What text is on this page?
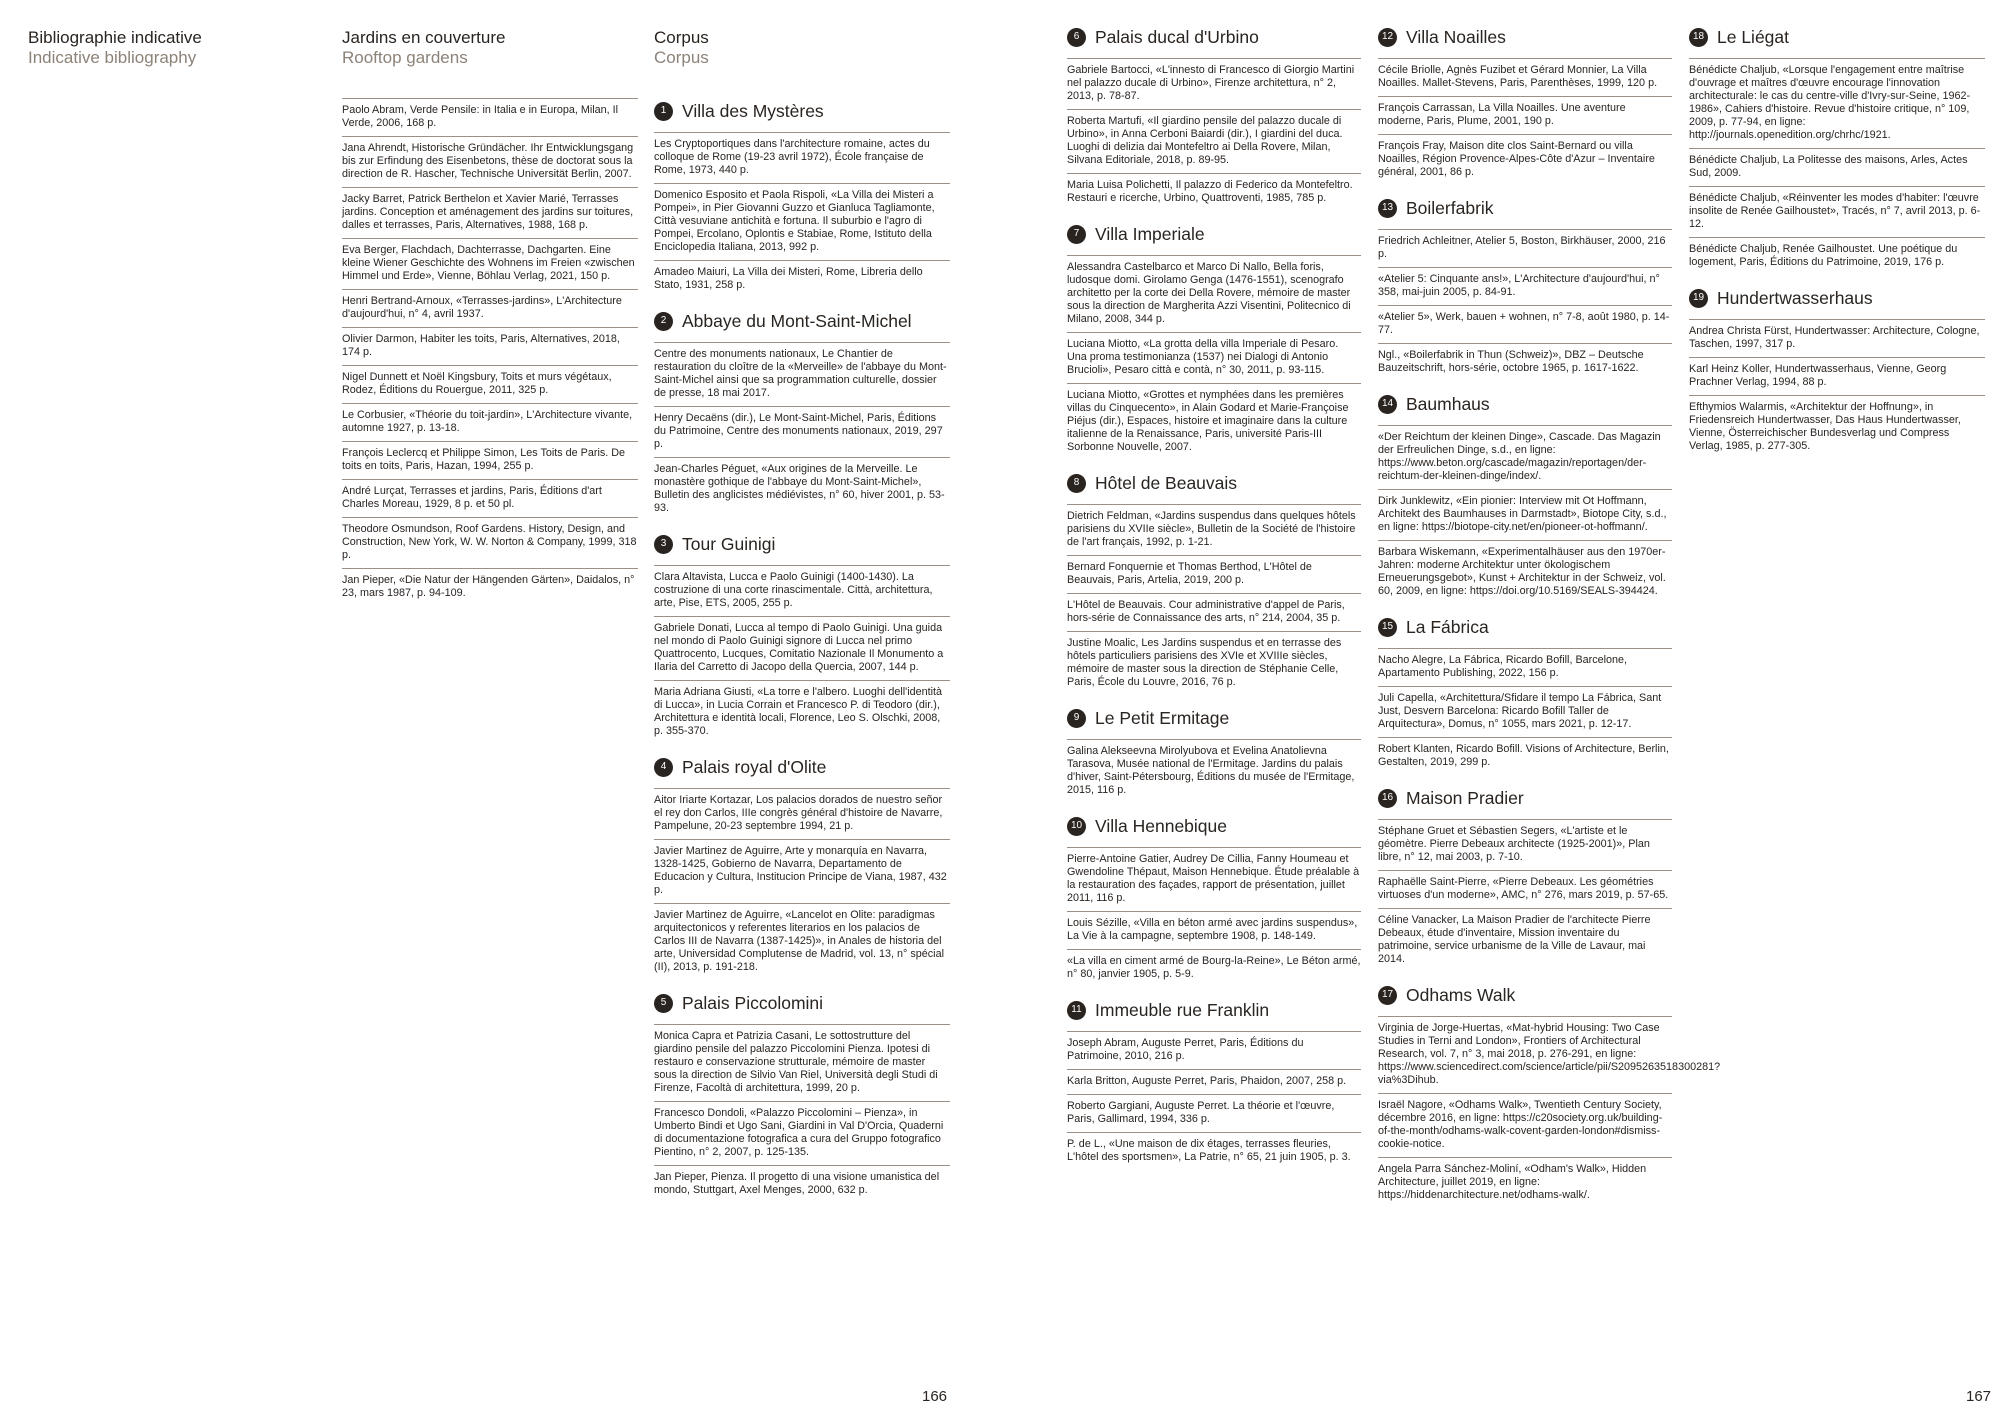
Bibliographie indicative
Indicative bibliography
Jardins en couverture
Rooftop gardens
Paolo Abram, Verde Pensile: in Italia e in Europa, Milan, Il Verde, 2006, 168 p.
Jana Ahrendt, Historische Gründächer. Ihr Entwicklungsgang bis zur Erfindung des Eisenbetons, thèse de doctorat sous la direction de R. Hascher, Technische Universität Berlin, 2007.
Jacky Barret, Patrick Berthelon et Xavier Marié, Terrasses jardins. Conception et aménagement des jardins sur toitures, dalles et terrasses, Paris, Alternatives, 1988, 168 p.
Eva Berger, Flachdach, Dachterrasse, Dachgarten. Eine kleine Wiener Geschichte des Wohnens im Freien «zwischen Himmel und Erde», Vienne, Böhlau Verlag, 2021, 150 p.
Henri Bertrand-Arnoux, «Terrasses-jardins», L'Architecture d'aujourd'hui, n° 4, avril 1937.
Olivier Darmon, Habiter les toits, Paris, Alternatives, 2018, 174 p.
Nigel Dunnett et Noël Kingsbury, Toits et murs végétaux, Rodez, Éditions du Rouergue, 2011, 325 p.
Le Corbusier, «Théorie du toit-jardin», L'Architecture vivante, automne 1927, p. 13-18.
François Leclercq et Philippe Simon, Les Toits de Paris. De toits en toits, Paris, Hazan, 1994, 255 p.
André Lurçat, Terrasses et jardins, Paris, Éditions d'art Charles Moreau, 1929, 8 p. et 50 pl.
Theodore Osmundson, Roof Gardens. History, Design, and Construction, New York, W. W. Norton & Company, 1999, 318 p.
Jan Pieper, «Die Natur der Hängenden Gärten», Daidalos, n° 23, mars 1987, p. 94-109.
Corpus
Corpus
1 Villa des Mystères
Les Cryptoportiques dans l'architecture romaine, actes du colloque de Rome (19-23 avril 1972), École française de Rome, 1973, 440 p.
Domenico Esposito et Paola Rispoli, «La Villa dei Misteri a Pompei», in Pier Giovanni Guzzo et Gianluca Tagliamonte, Città vesuviane antichità e fortuna. Il suburbio e l'agro di Pompei, Ercolano, Oplontis e Stabiae, Rome, Istituto della Enciclopedia Italiana, 2013, 992 p.
Amadeo Maiuri, La Villa dei Misteri, Rome, Libreria dello Stato, 1931, 258 p.
2 Abbaye du Mont-Saint-Michel
Centre des monuments nationaux, Le Chantier de restauration du cloître de la «Merveille» de l'abbaye du Mont-Saint-Michel ainsi que sa programmation culturelle, dossier de presse, 18 mai 2017.
Henry Decaëns (dir.), Le Mont-Saint-Michel, Paris, Éditions du Patrimoine, Centre des monuments nationaux, 2019, 297 p.
Jean-Charles Péguet, «Aux origines de la Merveille. Le monastère gothique de l'abbaye du Mont-Saint-Michel», Bulletin des anglicistes médiévistes, n° 60, hiver 2001, p. 53-93.
3 Tour Guinigi
Clara Altavista, Lucca e Paolo Guinigi (1400-1430). La costruzione di una corte rinascimentale. Città, architettura, arte, Pise, ETS, 2005, 255 p.
Gabriele Donati, Lucca al tempo di Paolo Guinigi. Una guida nel mondo di Paolo Guinigi signore di Lucca nel primo Quattrocento, Lucques, Comitatio Nazionale Il Monumento a Ilaria del Carretto di Jacopo della Quercia, 2007, 144 p.
Maria Adriana Giusti, «La torre e l'albero. Luoghi dell'identità di Lucca», in Lucia Corrain et Francesco P. di Teodoro (dir.), Architettura e identità locali, Florence, Leo S. Olschki, 2008, p. 355-370.
4 Palais royal d'Olite
Aitor Iriarte Kortazar, Los palacios dorados de nuestro señor el rey don Carlos, IIIe congrès général d'histoire de Navarre, Pampelune, 20-23 septembre 1994, 21 p.
Javier Martinez de Aguirre, Arte y monarquía en Navarra, 1328-1425, Gobierno de Navarra, Departamento de Educacion y Cultura, Institucion Principe de Viana, 1987, 432 p.
Javier Martinez de Aguirre, «Lancelot en Olite: paradigmas arquitectonicos y referentes literarios en los palacios de Carlos III de Navarra (1387-1425)», in Anales de historia del arte, Universidad Complutense de Madrid, vol. 13, n° spécial (II), 2013, p. 191-218.
5 Palais Piccolomini
Monica Capra et Patrizia Casani, Le sottostrutture del giardino pensile del palazzo Piccolomini Pienza. Ipotesi di restauro e conservazione strutturale, mémoire de master sous la direction de Silvio Van Riel, Università degli Studi di Firenze, Facoltà di architettura, 1999, 20 p.
Francesco Dondoli, «Palazzo Piccolomini – Pienza», in Umberto Bindi et Ugo Sani, Giardini in Val D'Orcia, Quaderni di documentazione fotografica a cura del Gruppo fotografico Pientino, n° 2, 2007, p. 125-135.
Jan Pieper, Pienza. Il progetto di una visione umanistica del mondo, Stuttgart, Axel Menges, 2000, 632 p.
166
6 Palais ducal d'Urbino
Gabriele Bartocci, «L'innesto di Francesco di Giorgio Martini nel palazzo ducale di Urbino», Firenze architettura, n° 2, 2013, p. 78-87.
Roberta Martufi, «Il giardino pensile del palazzo ducale di Urbino», in Anna Cerboni Baiardi (dir.), I giardini del duca. Luoghi di delizia dai Montefeltro ai Della Rovere, Milan, Silvana Editoriale, 2018, p. 89-95.
Maria Luisa Polichetti, Il palazzo di Federico da Montefeltro. Restauri e ricerche, Urbino, Quattroventi, 1985, 785 p.
7 Villa Imperiale
Alessandra Castelbarco et Marco Di Nallo, Bella foris, ludosque domi. Girolamo Genga (1476-1551), scenografo architetto per la corte dei Della Rovere, mémoire de master sous la direction de Margherita Azzi Visentini, Politecnico di Milano, 2008, 344 p.
Luciana Miotto, «La grotta della villa Imperiale di Pesaro. Una proma testimonianza (1537) nei Dialogi di Antonio Brucioli», Pesaro città e contà, n° 30, 2011, p. 93-115.
Luciana Miotto, «Grottes et nymphées dans les premières villas du Cinquecento», in Alain Godard et Marie-Françoise Piéjus (dir.), Espaces, histoire et imaginaire dans la culture italienne de la Renaissance, Paris, université Paris-III Sorbonne Nouvelle, 2007.
8 Hôtel de Beauvais
Dietrich Feldman, «Jardins suspendus dans quelques hôtels parisiens du XVIIe siècle», Bulletin de la Société de l'histoire de l'art français, 1992, p. 1-21.
Bernard Fonquernie et Thomas Berthod, L'Hôtel de Beauvais, Paris, Artelia, 2019, 200 p.
L'Hôtel de Beauvais. Cour administrative d'appel de Paris, hors-série de Connaissance des arts, n° 214, 2004, 35 p.
Justine Moalic, Les Jardins suspendus et en terrasse des hôtels particuliers parisiens des XVIe et XVIIIe siècles, mémoire de master sous la direction de Stéphanie Celle, Paris, École du Louvre, 2016, 76 p.
9 Le Petit Ermitage
Galina Alekseevna Mirolyubova et Evelina Anatolievna Tarasova, Musée national de l'Ermitage. Jardins du palais d'hiver, Saint-Pétersbourg, Éditions du musée de l'Ermitage, 2015, 116 p.
10 Villa Hennebique
Pierre-Antoine Gatier, Audrey De Cillia, Fanny Houmeau et Gwendoline Thépaut, Maison Hennebique. Étude préalable à la restauration des façades, rapport de présentation, juillet 2011, 116 p.
Louis Sézille, «Villa en béton armé avec jardins suspendus», La Vie à la campagne, septembre 1908, p. 148-149.
«La villa en ciment armé de Bourg-la-Reine», Le Béton armé, n° 80, janvier 1905, p. 5-9.
11 Immeuble rue Franklin
Joseph Abram, Auguste Perret, Paris, Éditions du Patrimoine, 2010, 216 p.
Karla Britton, Auguste Perret, Paris, Phaidon, 2007, 258 p.
Roberto Gargiani, Auguste Perret. La théorie et l'œuvre, Paris, Gallimard, 1994, 336 p.
P. de L., «Une maison de dix étages, terrasses fleuries, L'hôtel des sportsmen», La Patrie, n° 65, 21 juin 1905, p. 3.
12 Villa Noailles
Cécile Briolle, Agnès Fuzibet et Gérard Monnier, La Villa Noailles. Mallet-Stevens, Paris, Parenthèses, 1999, 120 p.
François Carrassan, La Villa Noailles. Une aventure moderne, Paris, Plume, 2001, 190 p.
François Fray, Maison dite clos Saint-Bernard ou villa Noailles, Région Provence-Alpes-Côte d'Azur – Inventaire général, 2001, 86 p.
13 Boilerfabrik
Friedrich Achleitner, Atelier 5, Boston, Birkhäuser, 2000, 216 p.
«Atelier 5: Cinquante ans!», L'Architecture d'aujourd'hui, n° 358, mai-juin 2005, p. 84-91.
«Atelier 5», Werk, bauen + wohnen, n° 7-8, août 1980, p. 14-77.
Ngl., «Boilerfabrik in Thun (Schweiz)», DBZ – Deutsche Bauzeitschrift, hors-série, octobre 1965, p. 1617-1622.
14 Baumhaus
«Der Reichtum der kleinen Dinge», Cascade. Das Magazin der Erfreulichen Dinge, s.d., en ligne: https://www.beton.org/cascade/magazin/reportagen/der-reichtum-der-kleinen-dinge/index/.
Dirk Junklewitz, «Ein pionier: Interview mit Ot Hoffmann, Architekt des Baumhauses in Darmstadt», Biotope City, s.d., en ligne: https://biotope-city.net/en/pioneer-ot-hoffmann/.
Barbara Wiskemann, «Experimentalhäuser aus den 1970er-Jahren: moderne Architektur unter ökologischem Erneuerungsgebot», Kunst + Architektur in der Schweiz, vol. 60, 2009, en ligne: https://doi.org/10.5169/SEALS-394424.
15 La Fábrica
Nacho Alegre, La Fábrica, Ricardo Bofill, Barcelone, Apartamento Publishing, 2022, 156 p.
Juli Capella, «Architettura/Sfidare il tempo La Fábrica, Sant Just, Desvern Barcelona: Ricardo Bofill Taller de Arquitectura», Domus, n° 1055, mars 2021, p. 12-17.
Robert Klanten, Ricardo Bofill. Visions of Architecture, Berlin, Gestalten, 2019, 299 p.
16 Maison Pradier
Stéphane Gruet et Sébastien Segers, «L'artiste et le géomètre. Pierre Debeaux architecte (1925-2001)», Plan libre, n° 12, mai 2003, p. 7-10.
Raphaëlle Saint-Pierre, «Pierre Debeaux. Les géométries virtuoses d'un moderne», AMC, n° 276, mars 2019, p. 57-65.
Céline Vanacker, La Maison Pradier de l'architecte Pierre Debeaux, étude d'inventaire, Mission inventaire du patrimoine, service urbanisme de la Ville de Lavaur, mai 2014.
17 Odhams Walk
Virginia de Jorge-Huertas, «Mat-hybrid Housing: Two Case Studies in Terni and London», Frontiers of Architectural Research, vol. 7, n° 3, mai 2018, p. 276-291, en ligne: https://www.sciencedirect.com/science/article/pii/S2095263518300281?via%3Dihub.
Israël Nagore, «Odhams Walk», Twentieth Century Society, décembre 2016, en ligne: https://c20society.org.uk/building-of-the-month/odhams-walk-covent-garden-london#dismiss-cookie-notice.
Angela Parra Sánchez-Moliní, «Odham's Walk», Hidden Architecture, juillet 2019, en ligne: https://hiddenarchitecture.net/odhams-walk/.
18 Le Liégat
Bénédicte Chaljub, «Lorsque l'engagement entre maîtrise d'ouvrage et maîtres d'œuvre encourage l'innovation architecturale: le cas du centre-ville d'Ivry-sur-Seine, 1962-1986», Cahiers d'histoire. Revue d'histoire critique, n° 109, 2009, p. 77-94, en ligne: http://journals.openedition.org/chrhc/1921.
Bénédicte Chaljub, La Politesse des maisons, Arles, Actes Sud, 2009.
Bénédicte Chaljub, «Réinventer les modes d'habiter: l'œuvre insolite de Renée Gailhoustet», Tracés, n° 7, avril 2013, p. 6-12.
Bénédicte Chaljub, Renée Gailhoustet. Une poétique du logement, Paris, Éditions du Patrimoine, 2019, 176 p.
19 Hundertwasserhaus
Andrea Christa Fürst, Hundertwasser: Architecture, Cologne, Taschen, 1997, 317 p.
Karl Heinz Koller, Hundertwasserhaus, Vienne, Georg Prachner Verlag, 1994, 88 p.
Efthymios Walarmis, «Architektur der Hoffnung», in Friedensreich Hundertwasser, Das Haus Hundertwasser, Vienne, Österreichischer Bundesverlag und Compress Verlag, 1985, p. 277-305.
167
